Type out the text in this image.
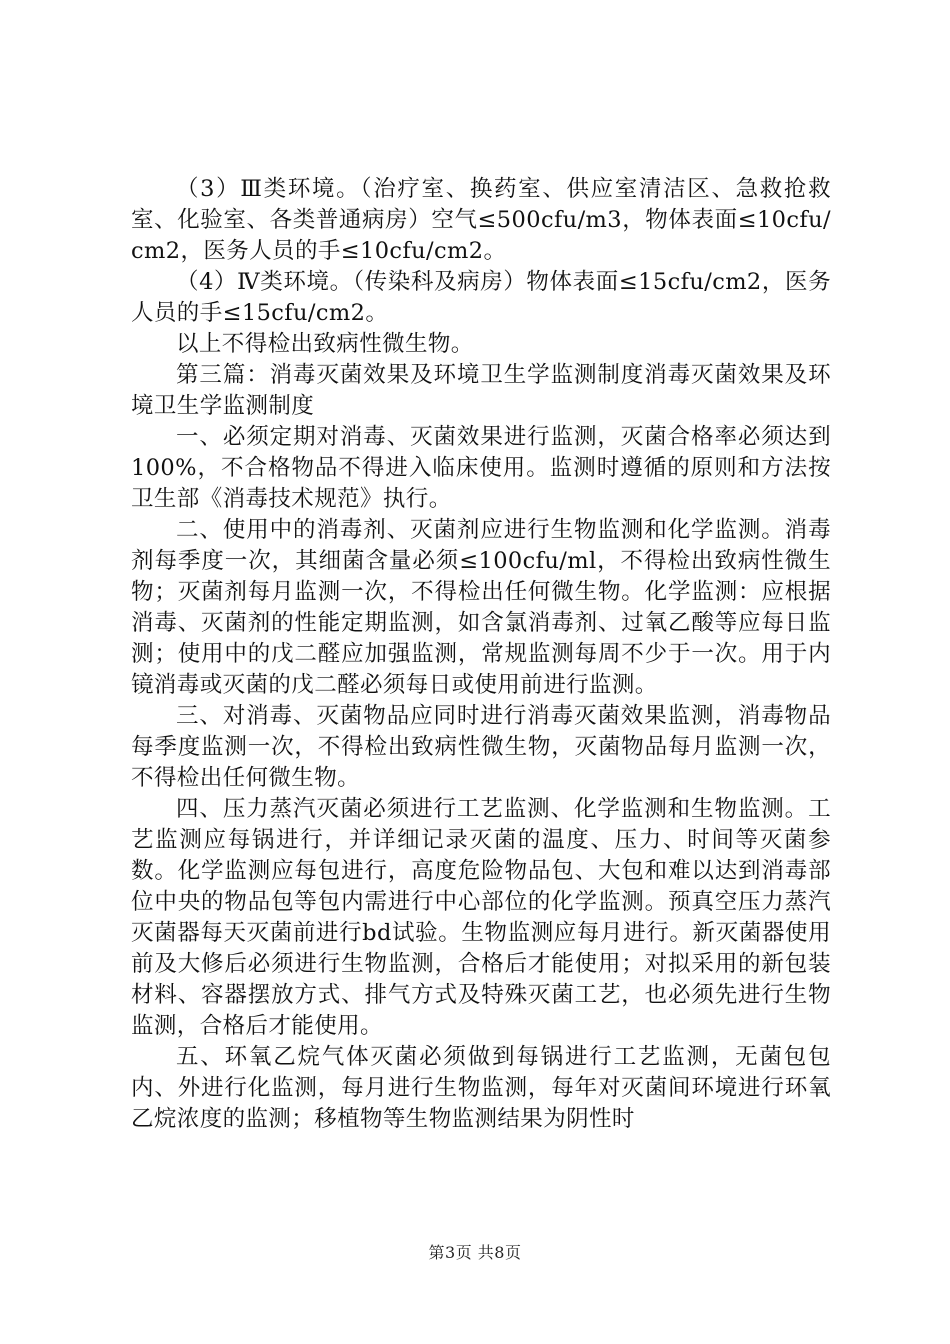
（3）Ⅲ类环境。（治疗室、换药室、供应室清洁区、急救抢救室、化验室、各类普通病房）空气≤500cfu/m3，物体表面≤10cfu/cm2，医务人员的手≤10cfu/cm2。

（4）Ⅳ类环境。（传染科及病房）物体表面≤15cfu/cm2，医务人员的手≤15cfu/cm2。

以上不得检出致病性微生物。

第三篇：消毒灭菌效果及环境卫生学监测制度消毒灭菌效果及环境卫生学监测制度

一、必须定期对消毒、灭菌效果进行监测，灭菌合格率必须达到100%，不合格物品不得进入临床使用。监测时遵循的原则和方法按卫生部《消毒技术规范》执行。

二、使用中的消毒剂、灭菌剂应进行生物监测和化学监测。消毒剂每季度一次，其细菌含量必须≤100cfu/ml，不得检出致病性微生物；灭菌剂每月监测一次，不得检出任何微生物。化学监测：应根据消毒、灭菌剂的性能定期监测，如含氯消毒剂、过氧乙酸等应每日监测；使用中的戊二醛应加强监测，常规监测每周不少于一次。用于内镜消毒或灭菌的戊二醛必须每日或使用前进行监测。

三、对消毒、灭菌物品应同时进行消毒灭菌效果监测，消毒物品每季度监测一次，不得检出致病性微生物，灭菌物品每月监测一次，不得检出任何微生物。

四、压力蒸汽灭菌必须进行工艺监测、化学监测和生物监测。工艺监测应每锅进行，并详细记录灭菌的温度、压力、时间等灭菌参数。化学监测应每包进行，高度危险物品包、大包和难以达到消毒部位中央的物品包等包内需进行中心部位的化学监测。预真空压力蒸汽灭菌器每天灭菌前进行bd试验。生物监测应每月进行。新灭菌器使用前及大修后必须进行生物监测，合格后才能使用；对拟采用的新包装材料、容器摆放方式、排气方式及特殊灭菌工艺，也必须先进行生物监测，合格后才能使用。

五、环氧乙烷气体灭菌必须做到每锅进行工艺监测，无菌包包内、外进行化监测，每月进行生物监测，每年对灭菌间环境进行环氧乙烷浓度的监测；移植物等生物监测结果为阴性时

第3页 共8页
